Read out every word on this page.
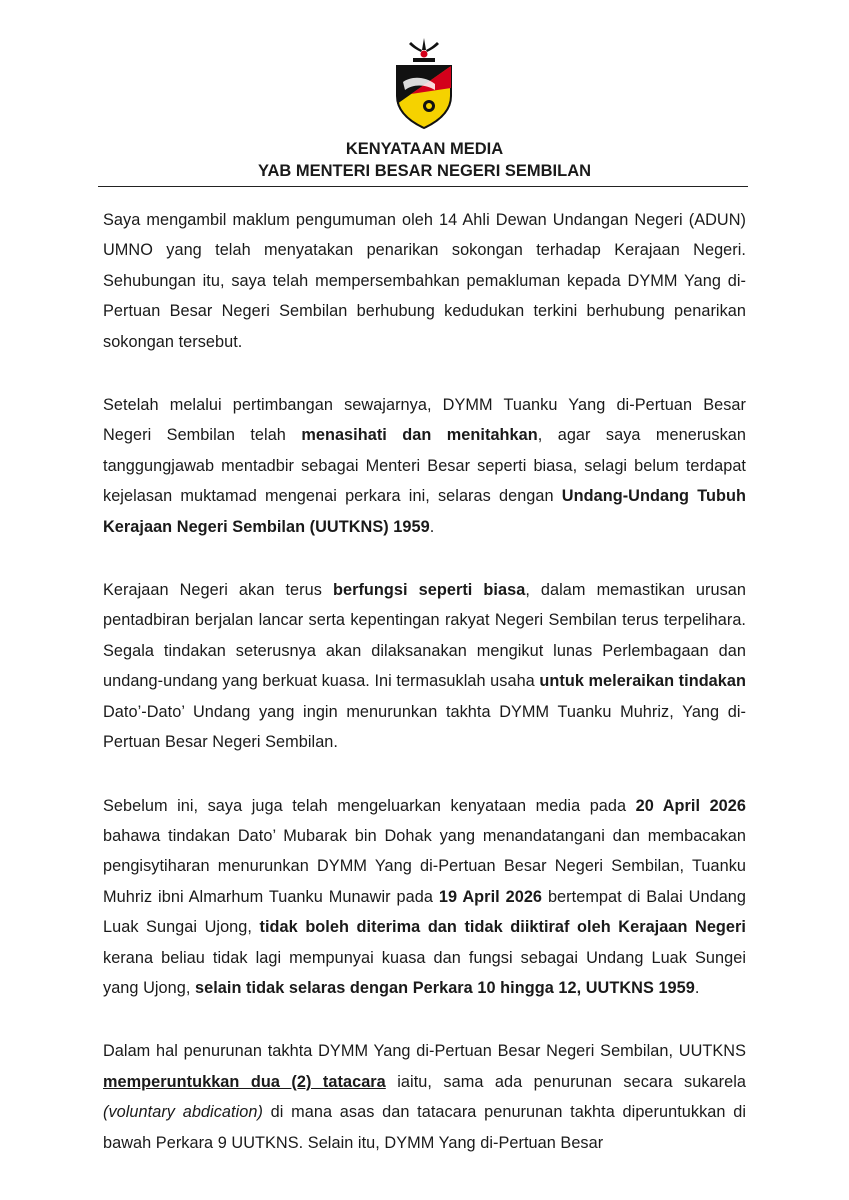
KENYATAAN MEDIA
YAB MENTERI BESAR NEGERI SEMBILAN

Saya mengambil maklum pengumuman oleh 14 Ahli Dewan Undangan Negeri (ADUN) UMNO yang telah menyatakan penarikan sokongan terhadap Kerajaan Negeri. Sehubungan itu, saya telah mempersembahkan pemakluman kepada DYMM Yang di-Pertuan Besar Negeri Sembilan berhubung kedudukan terkini berhubung penarikan sokongan tersebut.

Setelah melalui pertimbangan sewajarnya, DYMM Tuanku Yang di-Pertuan Besar Negeri Sembilan telah menasihati dan menitahkan, agar saya meneruskan tanggungjawab mentadbir sebagai Menteri Besar seperti biasa, selagi belum terdapat kejelasan muktamad mengenai perkara ini, selaras dengan Undang-Undang Tubuh Kerajaan Negeri Sembilan (UUTKNS) 1959.

Kerajaan Negeri akan terus berfungsi seperti biasa, dalam memastikan urusan pentadbiran berjalan lancar serta kepentingan rakyat Negeri Sembilan terus terpelihara. Segala tindakan seterusnya akan dilaksanakan mengikut lunas Perlembagaan dan undang-undang yang berkuat kuasa. Ini termasuklah usaha untuk meleraikan tindakan Dato’-Dato’ Undang yang ingin menurunkan takhta DYMM Tuanku Muhriz, Yang di-Pertuan Besar Negeri Sembilan.

Sebelum ini, saya juga telah mengeluarkan kenyataan media pada 20 April 2026 bahawa tindakan Dato’ Mubarak bin Dohak yang menandatangani dan membacakan pengisytiharan menurunkan DYMM Yang di-Pertuan Besar Negeri Sembilan, Tuanku Muhriz ibni Almarhum Tuanku Munawir pada 19 April 2026 bertempat di Balai Undang Luak Sungai Ujong, tidak boleh diterima dan tidak diiktiraf oleh Kerajaan Negeri kerana beliau tidak lagi mempunyai kuasa dan fungsi sebagai Undang Luak Sungei yang Ujong, selain tidak selaras dengan Perkara 10 hingga 12, UUTKNS 1959.

Dalam hal penurunan takhta DYMM Yang di-Pertuan Besar Negeri Sembilan, UUTKNS memperuntukkan dua (2) tatacara iaitu, sama ada penurunan secara sukarela (voluntary abdication) di mana asas dan tatacara penurunan takhta diperuntukkan di bawah Perkara 9 UUTKNS. Selain itu, DYMM Yang di-Pertuan Besar
